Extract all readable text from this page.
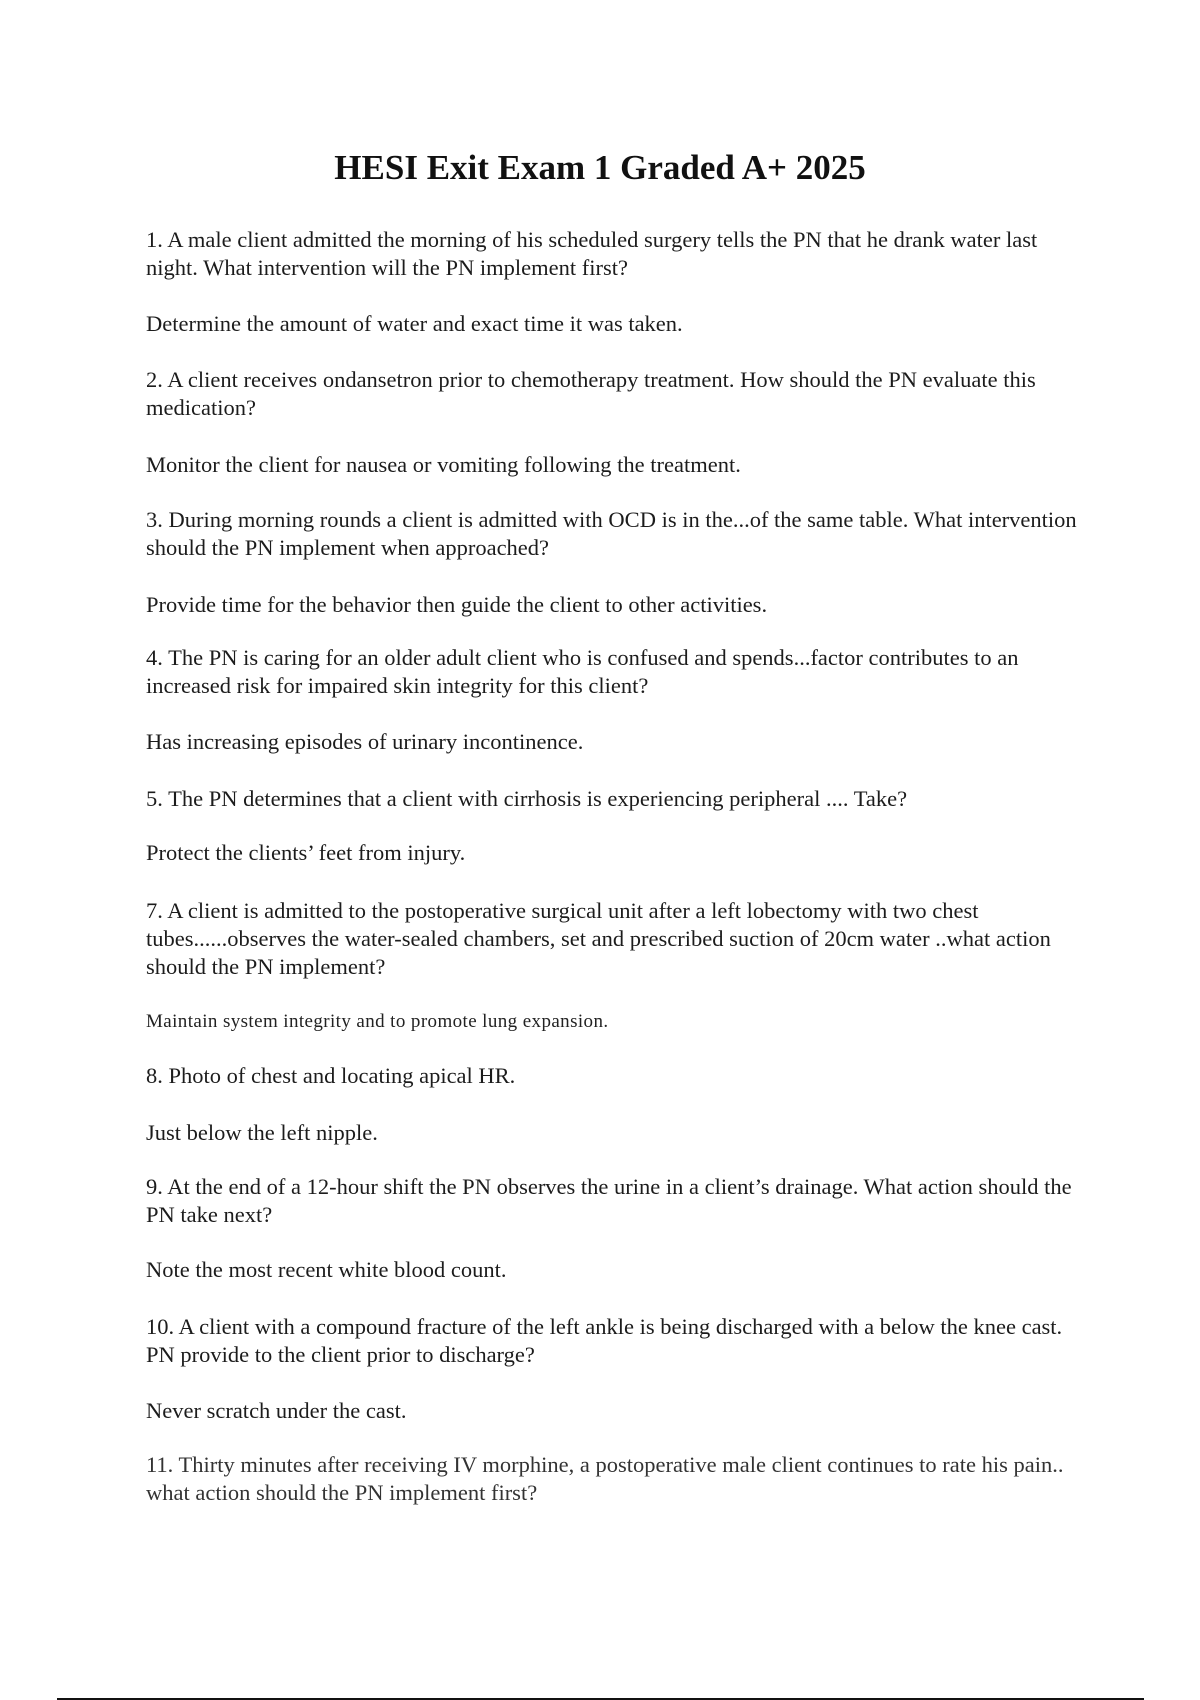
HESI Exit Exam 1 Graded A+ 2025
1. A male client admitted the morning of his scheduled surgery tells the PN that he drank water last night. What intervention will the PN implement first?
Determine the amount of water and exact time it was taken.
2. A client receives ondansetron prior to chemotherapy treatment. How should the PN evaluate this medication?
Monitor the client for nausea or vomiting following the treatment.
3. During morning rounds a client is admitted with OCD is in the...of the same table. What intervention should the PN implement when approached?
Provide time for the behavior then guide the client to other activities.
4. The PN is caring for an older adult client who is confused and spends...factor contributes to an increased risk for impaired skin integrity for this client?
Has increasing episodes of urinary incontinence.
5. The PN determines that a client with cirrhosis is experiencing peripheral .... Take?
Protect the clients’ feet from injury.
7. A client is admitted to the postoperative surgical unit after a left lobectomy with two chest tubes......observes the water-sealed chambers, set and prescribed suction of 20cm water ..what action should the PN implement?
Maintain system integrity and to promote lung expansion.
8. Photo of chest and locating apical HR.
Just below the left nipple.
9. At the end of a 12-hour shift the PN observes the urine in a client’s drainage. What action should the PN take next?
Note the most recent white blood count.
10. A client with a compound fracture of the left ankle is being discharged with a below the knee cast. PN provide to the client prior to discharge?
Never scratch under the cast.
11. Thirty minutes after receiving IV morphine, a postoperative male client continues to rate his pain.. what action should the PN implement first?
